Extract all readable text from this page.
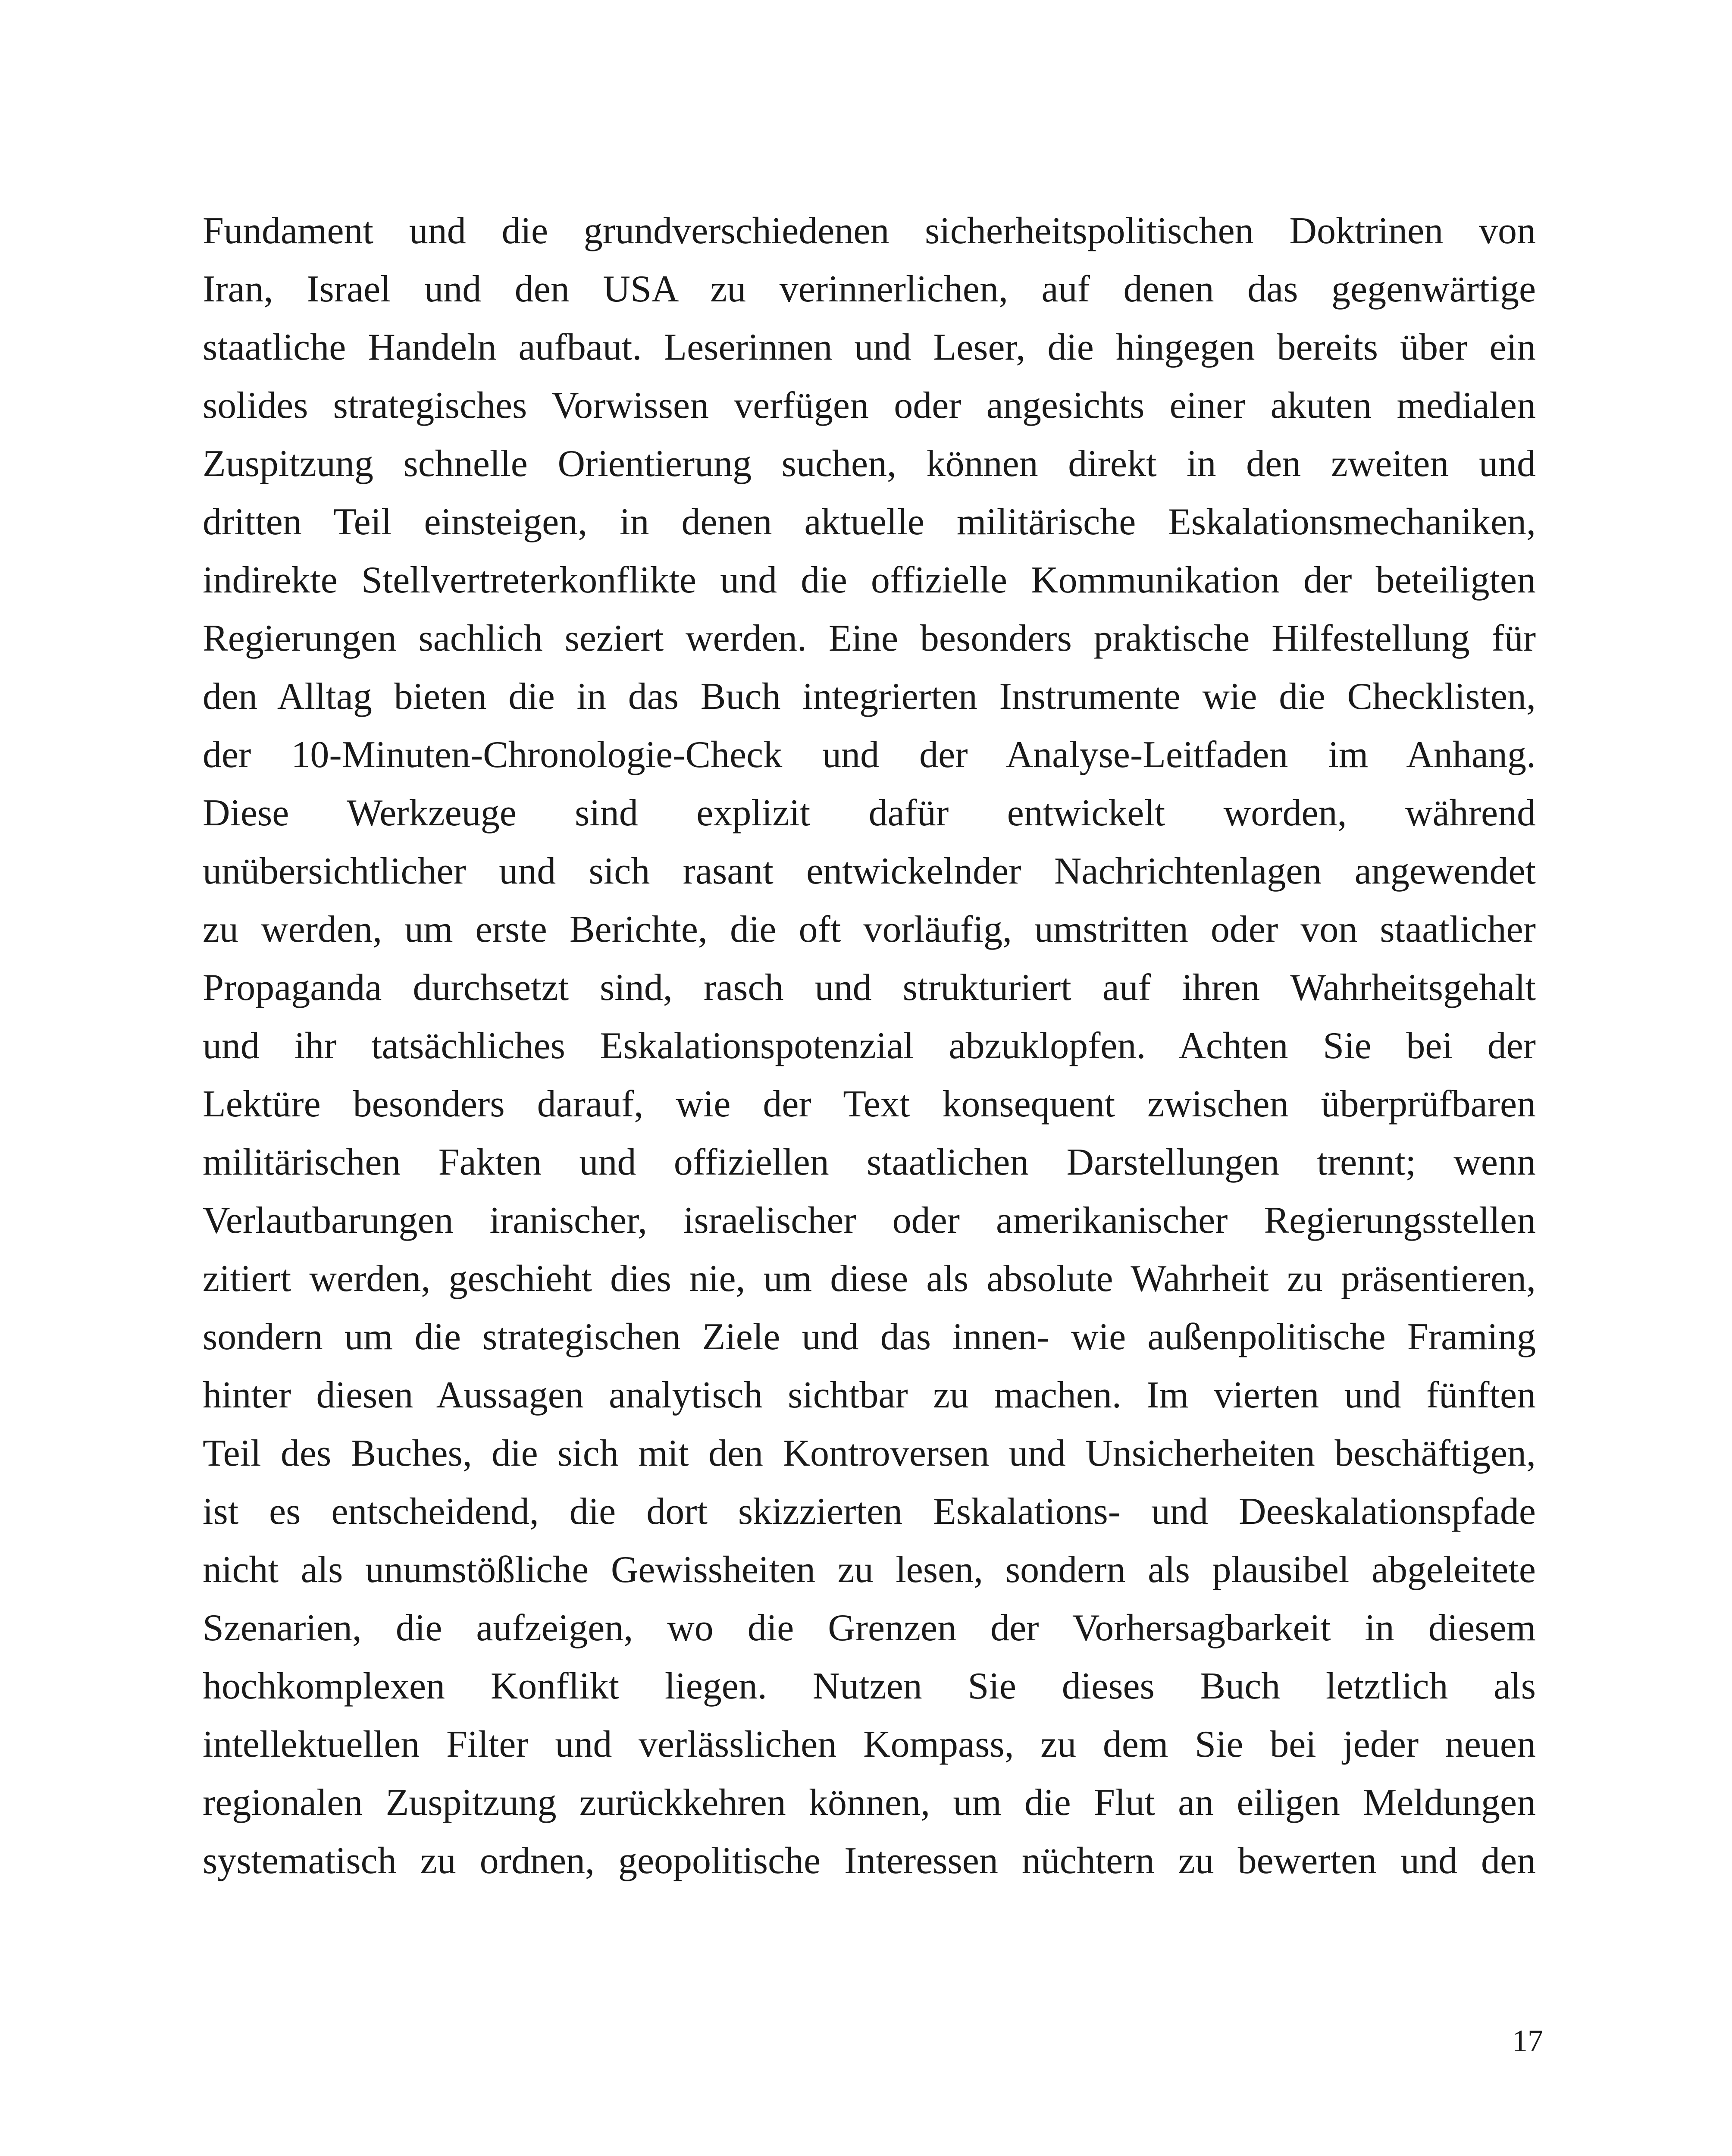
Fundament und die grundverschiedenen sicherheitspolitischen Doktrinen von
Iran, Israel und den USA zu verinnerlichen, auf denen das gegenwärtige
staatliche Handeln aufbaut. Leserinnen und Leser, die hingegen bereits über ein
solides strategisches Vorwissen verfügen oder angesichts einer akuten medialen
Zuspitzung schnelle Orientierung suchen, können direkt in den zweiten und
dritten Teil einsteigen, in denen aktuelle militärische Eskalationsmechaniken,
indirekte Stellvertreterkonflikte und die offizielle Kommunikation der beteiligten
Regierungen sachlich seziert werden. Eine besonders praktische Hilfestellung für
den Alltag bieten die in das Buch integrierten Instrumente wie die Checklisten,
der 10-Minuten-Chronologie-Check und der Analyse-Leitfaden im Anhang.
Diese Werkzeuge sind explizit dafür entwickelt worden, während
unübersichtlicher und sich rasant entwickelnder Nachrichtenlagen angewendet
zu werden, um erste Berichte, die oft vorläufig, umstritten oder von staatlicher
Propaganda durchsetzt sind, rasch und strukturiert auf ihren Wahrheitsgehalt
und ihr tatsächliches Eskalationspotenzial abzuklopfen. Achten Sie bei der
Lektüre besonders darauf, wie der Text konsequent zwischen überprüfbaren
militärischen Fakten und offiziellen staatlichen Darstellungen trennt; wenn
Verlautbarungen iranischer, israelischer oder amerikanischer Regierungsstellen
zitiert werden, geschieht dies nie, um diese als absolute Wahrheit zu präsentieren,
sondern um die strategischen Ziele und das innen- wie außenpolitische Framing
hinter diesen Aussagen analytisch sichtbar zu machen. Im vierten und fünften
Teil des Buches, die sich mit den Kontroversen und Unsicherheiten beschäftigen,
ist es entscheidend, die dort skizzierten Eskalations- und Deeskalationspfade
nicht als unumstößliche Gewissheiten zu lesen, sondern als plausibel abgeleitete
Szenarien, die aufzeigen, wo die Grenzen der Vorhersagbarkeit in diesem
hochkomplexen Konflikt liegen. Nutzen Sie dieses Buch letztlich als
intellektuellen Filter und verlässlichen Kompass, zu dem Sie bei jeder neuen
regionalen Zuspitzung zurückkehren können, um die Flut an eiligen Meldungen
systematisch zu ordnen, geopolitische Interessen nüchtern zu bewerten und den
17
